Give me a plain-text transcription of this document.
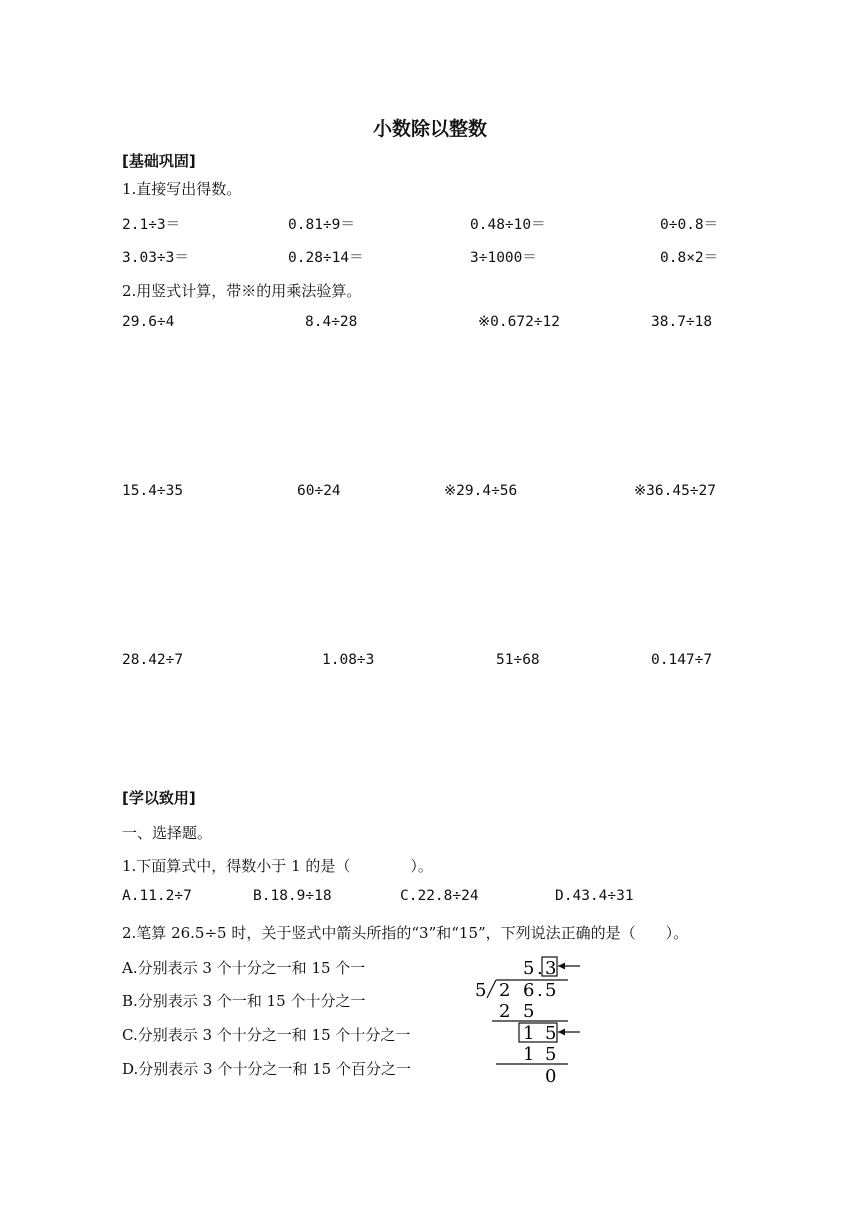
小数除以整数
[基础巩固]
1.直接写出得数。
2.1÷3＝	0.81÷9＝	0.48÷10＝	0÷0.8＝
3.03÷3＝	0.28÷14＝	3÷1000＝	0.8×2＝
2.用竖式计算，带※的用乘法验算。
29.6÷4	8.4÷28	※0.672÷12	38.7÷18
15.4÷35	60÷24	※29.4÷56	※36.45÷27
28.42÷7	1.08÷3	51÷68	0.147÷7
[学以致用]
一、选择题。
1.下面算式中，得数小于 1 的是（　　　　）。
A.11.2÷7	B.18.9÷18	C.22.8÷24	D.43.4÷31
2.笔算 26.5÷5 时，关于竖式中箭头所指的“3”和“15”，下列说法正确的是（　　）。
A.分别表示 3 个十分之一和 15 个一
B.分别表示 3 个一和 15 个十分之一
C.分别表示 3 个十分之一和 15 个十分之一
D.分别表示 3 个十分之一和 15 个百分之一
5 . 3
5 2 6 . 5
2 5
1 5
1 5
0
